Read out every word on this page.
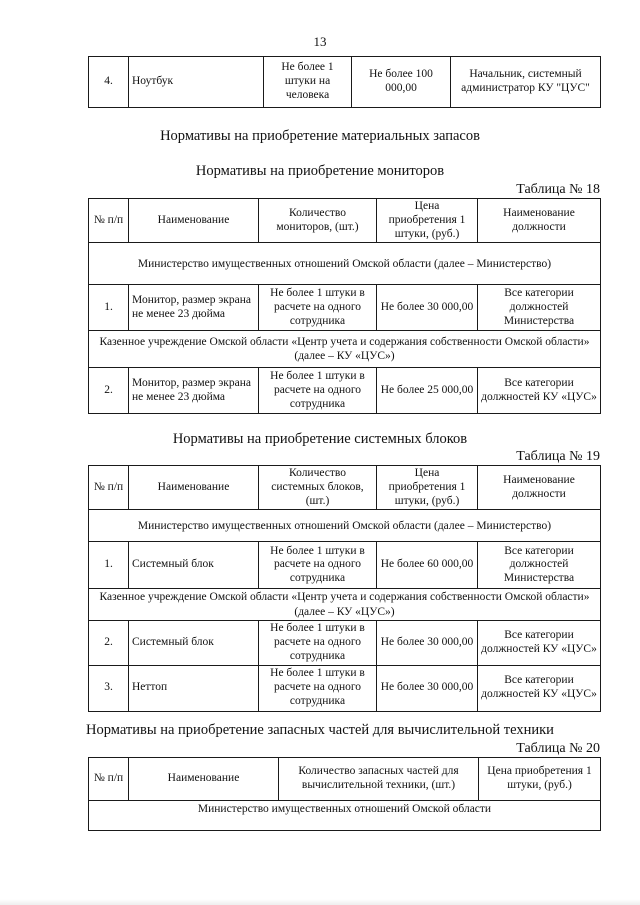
13
4.	Ноутбук	Не более 1 штуки на человека	Не более 100 000,00	Начальник, системный администратор КУ "ЦУС"
Нормативы на приобретение материальных запасов
Нормативы на приобретение мониторов
Таблица № 18
№ п/п	Наименование	Количество мониторов, (шт.)	Цена приобретения 1 штуки, (руб.)	Наименование должности
Министерство имущественных отношений Омской области (далее – Министерство)				
1.	Монитор, размер экрана не менее 23 дюйма	Не более 1 штуки в расчете на одного сотрудника	Не более 30 000,00	Все категории должностей Министерства
Казенное учреждение Омской области «Центр учета и содержания собственности Омской области» (далее – КУ «ЦУС»)				
2.	Монитор, размер экрана не менее 23 дюйма	Не более 1 штуки в расчете на одного сотрудника	Не более 25 000,00	Все категории должностей КУ «ЦУС»
Нормативы на приобретение системных блоков
Таблица № 19
№ п/п	Наименование	Количество системных блоков, (шт.)	Цена приобретения 1 штуки, (руб.)	Наименование должности
Министерство имущественных отношений Омской области (далее – Министерство)				
1.	Системный блок	Не более 1 штуки в расчете на одного сотрудника	Не более 60 000,00	Все категории должностей Министерства
Казенное учреждение Омской области «Центр учета и содержания собственности Омской области» (далее – КУ «ЦУС»)				
2.	Системный блок	Не более 1 штуки в расчете на одного сотрудника	Не более 30 000,00	Все категории должностей КУ «ЦУС»
3.	Неттоп	Не более 1 штуки в расчете на одного сотрудника	Не более 30 000,00	Все категории должностей КУ «ЦУС»
Нормативы на приобретение запасных частей для вычислительной техники
Таблица № 20
№ п/п	Наименование	Количество запасных частей для вычислительной техники, (шт.)	Цена приобретения 1 штуки, (руб.)
Министерство имущественных отношений Омской области
